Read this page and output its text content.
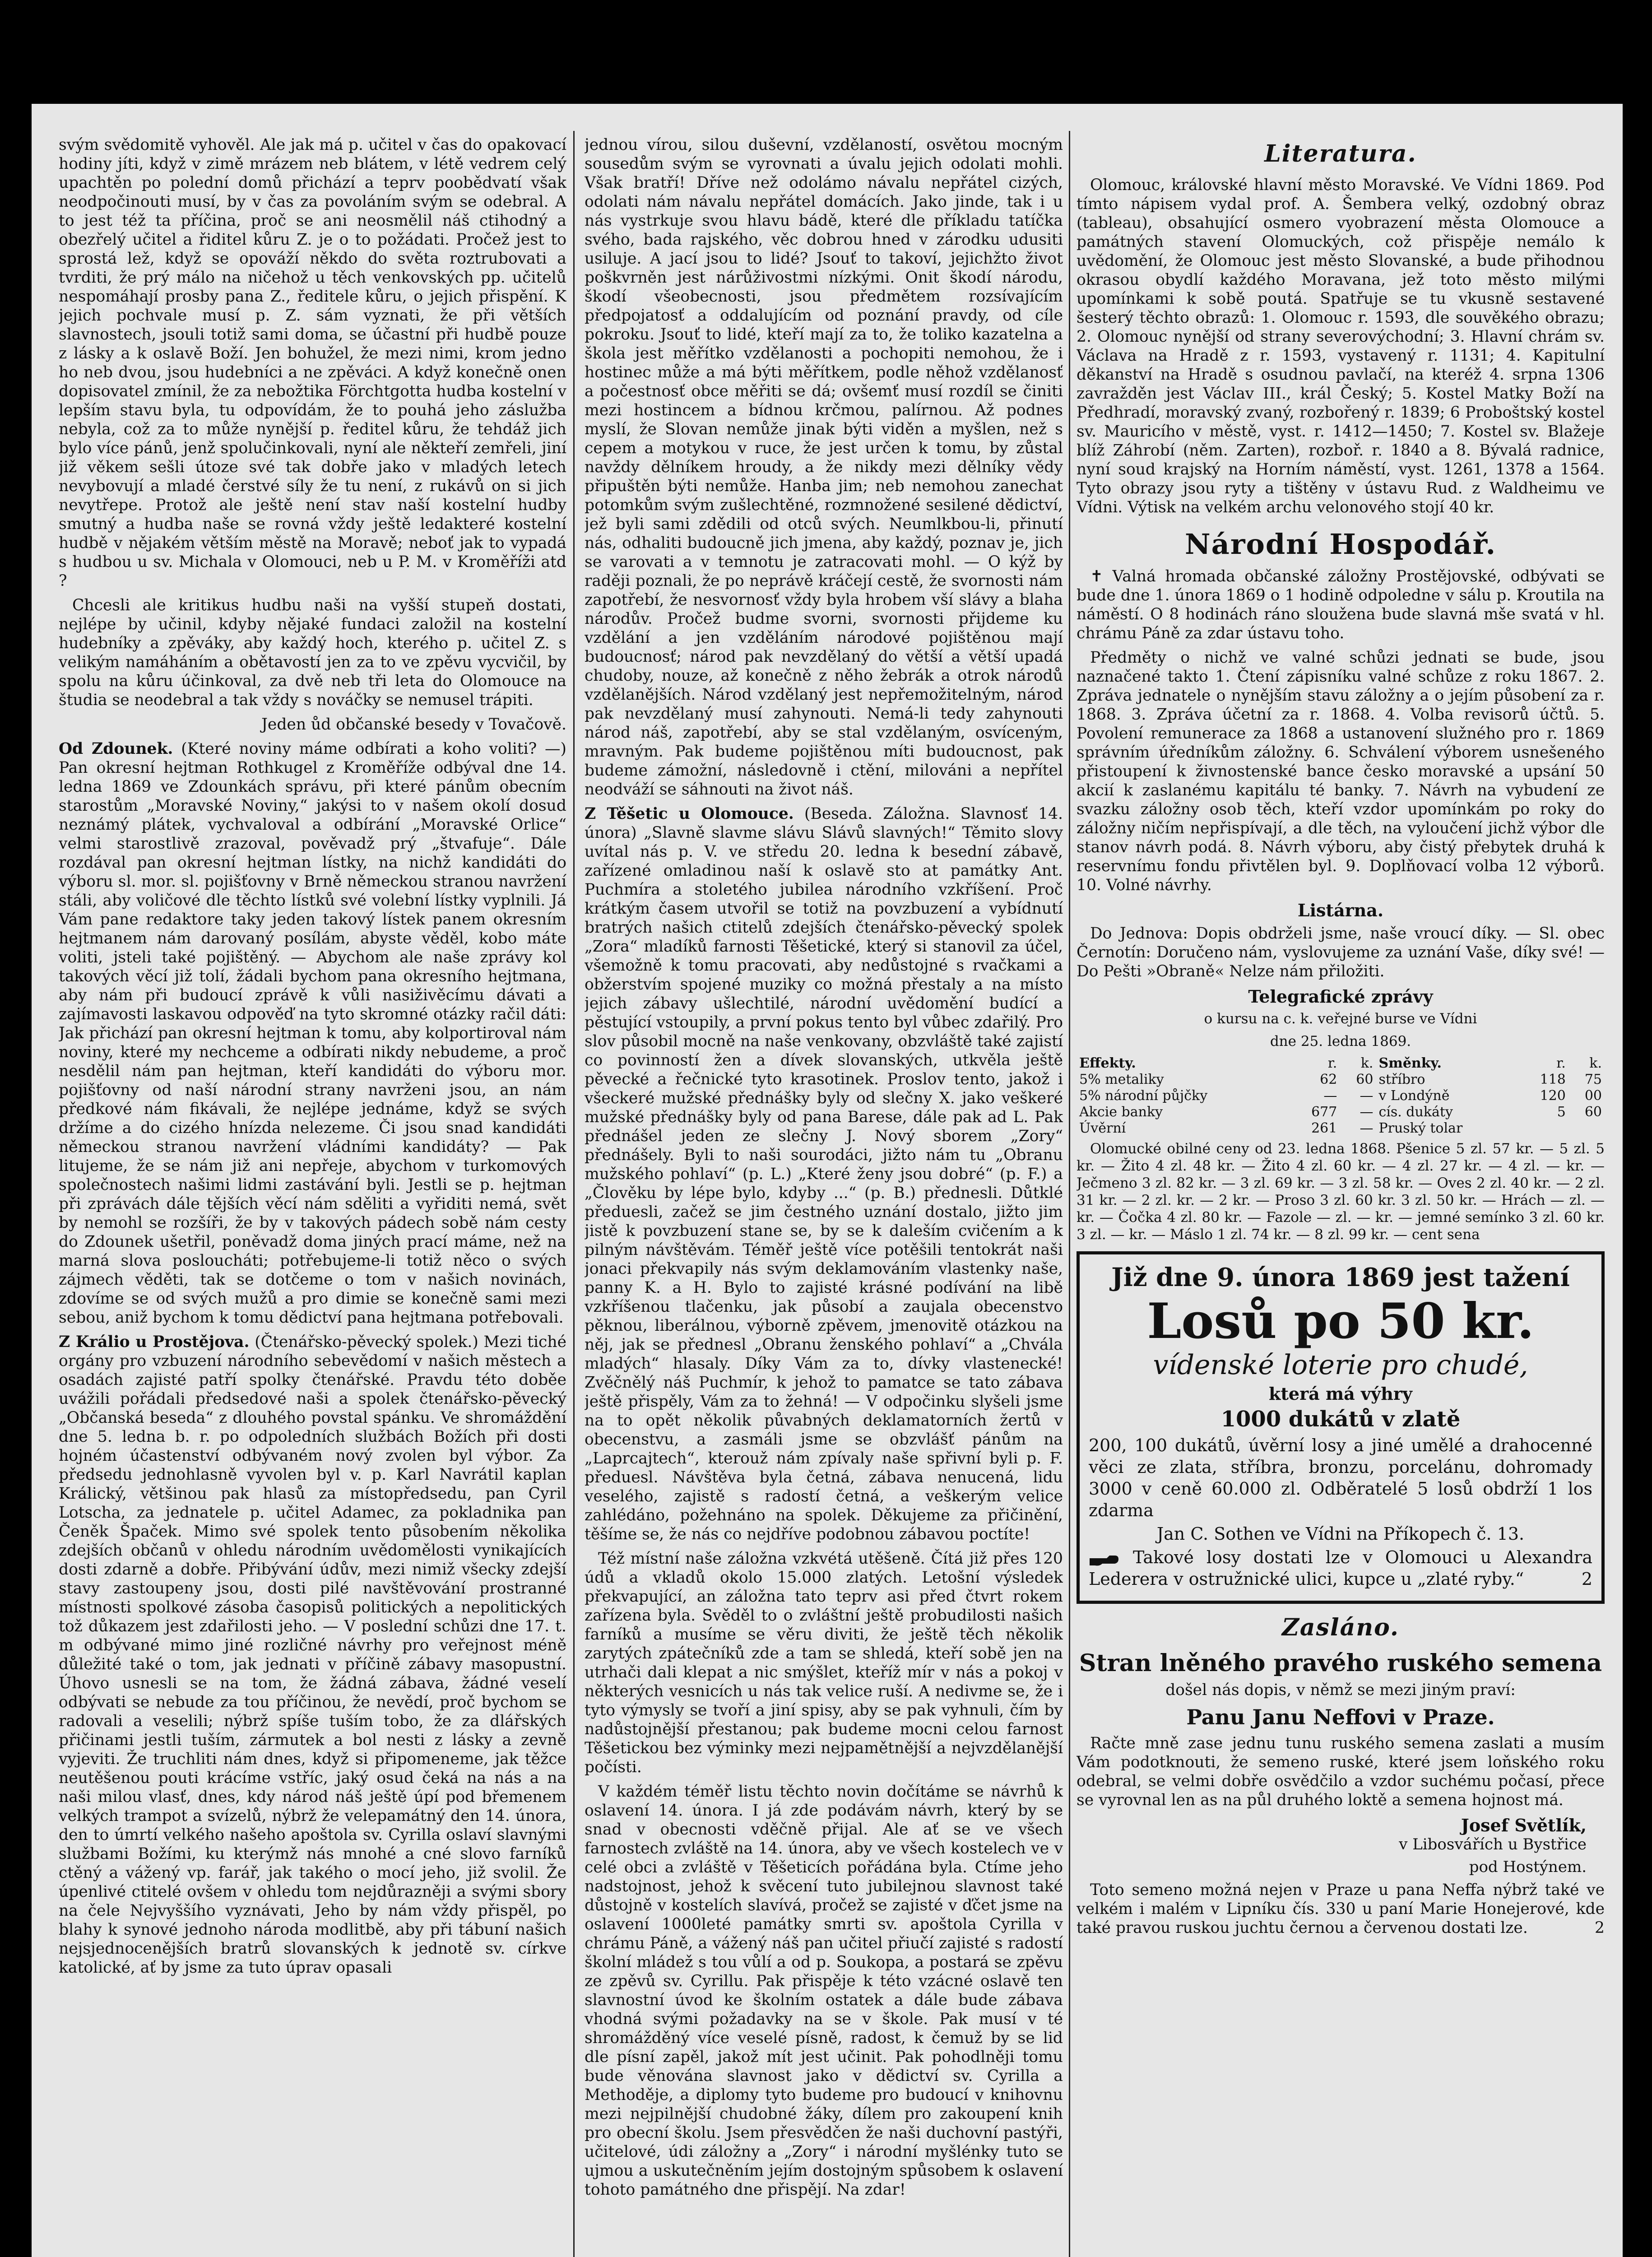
svým svědomitě vyhověl. Ale jak má p. učitel v čas do opakovací hodiny jíti, když v zimě mrázem neb blátem, v létě vedrem celý upachtěn po polední domů přichází a teprv poobědvatí však neodpočinouti musí, by v čas za povoláním svým se odebral. A to jest též ta příčina, proč se ani neosmělil náš ctihodný a obezřelý učitel a řiditel kůru Z. je o to požádati. Pročež jest to sprostá lež, když se opováží někdo do světa roztrubovati a tvrditi, že prý málo na ničehož u těch venkovských pp. učitelů nespomáhají prosby pana Z., ředitele kůru, o jejich přispění. K jejich pochvale musí p. Z. sám vyznati, že při větších slavnostech, jsouli totiž sami doma, se účastní při hudbě pouze z lásky a k oslavě Boží. Jen bohužel, že mezi nimi, krom jedno ho neb dvou, jsou hudebníci a ne zpěváci. A když konečně onen dopisovatel zmínil, že za nebožtika Förchtgotta hudba kostelní v lepším stavu byla, tu odpovídám, že to pouhá jeho záslužba nebyla, což za to může nynější p. ředitel kůru, že tehdáž jich bylo více pánů, jenž spolučinkovali, nyní ale někteří zemřeli, jiní již věkem sešli útoze své tak dobře jako v mladých letech nevybovují a mladé čerstvé síly že tu není, z rukávů on si jich nevytřepe. Protož ale ještě není stav naší kostelní hudby smutný a hudba naše se rovná vždy ještě ledakteré kostelní hudbě v nějakém větším městě na Moravě; neboť jak to vypadá s hudbou u sv. Michala v Olomouci, neb u P. M. v Kroměříži atd ?

Chcesli ale kritikus hudbu naši na vyšší stupeň dostati, nejlépe by učinil, kdyby nějaké fundaci založil na kostelní hudebníky a zpěváky, aby každý hoch, kterého p. učitel Z. s velikým namáháním a obětavostí jen za to ve zpěvu vycvičil, by spolu na kůru účinkoval, za dvě neb tři leta do Olomouce na študia se neodebral a tak vždy s nováčky se nemusel trápiti.

Jeden ůd občanské besedy v Tovačově.

Od Zdounek. (Které noviny máme odbírati a koho voliti? —) Pan okresní hejtman Rothkugel z Kroměříže odbýval dne 14. ledna 1869 ve Zdounkách správu, při které pánům obecním starostům „Moravské Noviny,“ jakýsi to v našem okolí dosud neznámý plátek, vychvaloval a odbírání „Moravské Orlice“ velmi starostlivě zrazoval, pověvadž prý „štvafuje“. Dále rozdával pan okresní hejtman lístky, na nichž kandidáti do výboru sl. mor. sl. pojišťovny v Brně německou stranou navržení stáli, aby voličové dle těchto lístků své volební lístky vyplnili. Já Vám pane redaktore taky jeden takový lístek panem okresním hejtmanem nám darovaný posílám, abyste věděl, kobo máte voliti, jsteli také pojištěný. — Abychom ale naše zprávy kol takových věcí již tolí, žádali bychom pana okresního hejtmana, aby nám při budoucí zprávě k vůli nasiživěcímu dávati a zajímavosti laskavou odpověď na tyto skromné otázky račil dáti: Jak přichází pan okresní hejtman k tomu, aby kolportiroval nám noviny, které my nechceme a odbírati nikdy nebudeme, a proč nesdělil nám pan hejtman, kteří kandidáti do výboru mor. pojišťovny od naší národní strany navrženi jsou, an nám předkové nám fikávali, že nejlépe jednáme, když se svých držíme a do cizého hnízda nelezeme. Či jsou snad kandidáti německou stranou navržení vládními kandidáty? — Pak litujeme, že se nám již ani nepřeje, abychom v turkomových společnostech našimi lidmi zastávání byli. Jestli se p. hejtman při zprávách dále tějších věcí nám sděliti a vyřiditi nemá, svět by nemohl se rozšíři, že by v takových pádech sobě nám cesty do Zdounek ušetřil, poněvadž doma jiných prací máme, než na marná slova posloucháti; potřebujeme-li totiž něco o svých zájmech věděti, tak se dotčeme o tom v našich novinách, zdovíme se od svých mužů a pro dimie se konečně sami mezi sebou, aniž bychom k tomu dědictví pana hejtmana potřebovali.

Z Králio u Prostějova. (Čtenářsko-pěvecký spolek.) Mezi tiché orgány pro vzbuzení národního sebevědomí v našich městech a osadách zajisté patří spolky čtenářské. Pravdu této doběe uvážili pořádali předsedové naši a spolek čtenářsko-pěvecký „Občanská beseda“ z dlouhého povstal spánku. Ve shromáždění dne 5. ledna b. r. po odpoledních službách Božích při dosti hojném účastenství odbývaném nový zvolen byl výbor. Za předsedu jednohlasně vyvolen byl v. p. Karl Navrátil kaplan Králický, většinou pak hlasů za místopředsedu, pan Cyril Lotscha, za jednatele p. učitel Adamec, za pokladnika pan Čeněk Špaček. Mimo své spolek tento působením několika zdejších občanů v ohledu národním uvědomělosti vynikajících dosti zdarně a dobře. Přibývání údův, mezi nimiž všecky zdejší stavy zastoupeny jsou, dosti pilé navštěvování prostranné místnosti spolkové zásoba časopisů politických a nepolitických tož důkazem jest zdařilosti jeho. — V poslední schůzi dne 17. t. m odbývané mimo jiné rozličné návrhy pro veřejnost méně důležité také o tom, jak jednati v příčině zábavy masopustní. Úhovo usnesli se na tom, že žádná zábava, žádné veselí odbývati se nebude za tou příčinou, že nevědí, proč bychom se radovali a veselili; nýbrž spíše tuším tobo, že za dlářských přičinami jestli tuším, zármutek a bol nesti z lásky a zevně vyjeviti. Že truchliti nám dnes, když si připomeneme, jak těžce neutěšenou pouti krácíme vstříc, jaký osud čeká na nás a na naši milou vlasť, dnes, kdy národ náš ještě úpí pod břemenem velkých trampot a svízelů, nýbrž že velepamátný den 14. února, den to úmrtí velkého našeho apoštola sv. Cyrilla oslaví slavnými službami Božími, ku kterýmž nás mnohé a cné slovo farníků ctěný a vážený vp. farář, jak takého o mocí jeho, již svolil. Že úpenlivé ctitelé ovšem v ohledu tom nejdůrazněji a svými sbory na čele Nejvyššího vyznávati, Jeho by nám vždy přispěl, po blahy k synové jednoho národa modlitbě, aby při tábuní našich nejsjednocenějších bratrů slovanských k jednotě sv. církve katolické, ať by jsme za tuto úprav opasali

jednou vírou, silou duševní, vzdělaností, osvětou mocným sousedům svým se vyrovnati a úvalu jejich odolati mohli. Však bratří! Dříve než odolámo návalu nepřátel cizých, odolati nám návalu nepřátel domácích. Jako jinde, tak i u nás vystrkuje svou hlavu bádě, které dle příkladu tatíčka svého, bada rajského, věc dobrou hned v zárodku udusiti usiluje. A jací jsou to lidé? Jsouť to takoví, jejichžto život poškvrněn jest nárůživostmi nízkými. Onit škodí národu, škodí všeobecnosti, jsou předmětem rozsívajícím předpojatosť a oddalujícím od poznání pravdy, od cíle pokroku. Jsouť to lidé, kteří mají za to, že toliko kazatelna a škola jest měřítko vzdělanosti a pochopiti nemohou, že i hostinec může a má býti měřítkem, podle něhož vzdělanosť a počestnosť obce měřiti se dá; ovšemť musí rozdíl se činiti mezi hostincem a bídnou krčmou, palírnou. Až podnes myslí, že Slovan nemůže jinak býti viděn a myšlen, než s cepem a motykou v ruce, že jest určen k tomu, by zůstal navždy dělníkem hroudy, a že nikdy mezi dělníky vědy připuštěn býti nemůže. Hanba jim; neb nemohou zanechat potomkům svým zušlechtěné, rozmnožené sesilené dědictví, jež byli sami zdědili od otců svých. Neumlkbou-li, přinutí nás, odhaliti budoucně jich jmena, aby každý, poznav je, jich se varovati a v temnotu je zatracovati mohl. — O kýž by raději poznali, že po neprávě kráčejí cestě, že svornosti nám zapotřebí, že nesvornosť vždy byla hrobem vší slávy a blaha národův. Pročež budme svorni, svornosti přijdeme ku vzdělání a jen vzděláním národové pojištěnou mají budoucnosť; národ pak nevzdělaný do větší a větší upadá chudoby, nouze, až konečně z něho žebrák a otrok národů vzdělanějších. Národ vzdělaný jest nepřemožitelným, národ pak nevzdělaný musí zahynouti. Nemá-li tedy zahynouti národ náš, zapotřebí, aby se stal vzdělaným, osvíceným, mravným. Pak budeme pojištěnou míti budoucnost, pak budeme zámožní, následovně i ctění, milováni a nepřítel neodváží se sáhnouti na život náš.

Z Těšetic u Olomouce. (Beseda. Záložna. Slavnosť 14. února) „Slavně slavme slávu Slávů slavných!“ Těmito slovy uvítal nás p. V. ve středu 20. ledna k besední zábavě, zařízené omladinou naší k oslavě sto at památky Ant. Puchmíra a stoletého jubilea národního vzkříšení. Proč krátkým časem utvořil se totiž na povzbuzení a vybídnutí bratrých našich ctitelů zdejších čtenářsko-pěvecký spolek „Zora“ mladíků farnosti Těšetické, který si stanovil za účel, všemožně k tomu pracovati, aby nedůstojné s rvačkami a obžerstvím spojené muziky co možná přestaly a na místo jejich zábavy ušlechtilé, národní uvědomění budící a pěstující vstoupily, a první pokus tento byl vůbec zdařilý. Pro slov působil mocně na naše venkovany, obzvláště také zajistí co povinností žen a dívek slovanských, utkvěla ještě pěvecké a řečnické tyto krasotinek. Proslov tento, jakož i všeckeré mužské přednášky byly od slečny X. jako veškeré mužské přednášky byly od pana Barese, dále pak ad L. Pak přednášel jeden ze slečny J. Nový sborem „Zory“ přednášely. Byli to naši sourodáci, jižto nám tu „Obranu mužského pohlaví“ (p. L.) „Které ženy jsou dobré“ (p. F.) a „Člověku by lépe bylo, kdyby ...“ (p. B.) přednesli. Důtklé předuesli, začež se jim čestného uznání dostalo, jižto jim jistě k povzbuzení stane se, by se k daleším cvičením a k pilným návštěvám. Téměř ještě více potěšili tentokrát naši jonaci překvapily nás svým deklamováním vlastenky naše, panny K. a H. Bylo to zajisté krásné podívání na libě vzkříšenou tlačenku, jak působí a zaujala obecenstvo pěknou, liberálnou, výborně zpěvem, jmenovitě otázkou na něj, jak se přednesl „Obranu ženského pohlaví“ a „Chvála mladých“ hlasaly. Díky Vám za to, dívky vlastenecké! Zvěčnělý náš Puchmír, k jehož to pamatce se tato zábava ještě přispěly, Vám za to žehná! — V odpočinku slyšeli jsme na to opět několik půvabných deklamatorních žertů v obecenstvu, a zasmáli jsme se obzvlášť pánům na „Laprcajtech“, kterouž nám zpívaly naše spřivní byli p. F. předuesl. Návštěva byla četná, zábava nenucená, lidu veselého, zajistě s radostí četná, a veškerým velice zahlédáno, požehnáno na spolek. Děkujeme za přičinění, těšíme se, že nás co nejdříve podobnou zábavou poctíte!

Též místní naše záložna vzkvétá utěšeně. Čítá již přes 120 údů a vkladů okolo 15.000 zlatých. Letošní výsledek překvapující, an záložna tato teprv asi před čtvrt rokem zařízena byla. Svěděl to o zvláštní ještě probudilosti našich farníků a musíme se věru diviti, že ještě těch několik zarytých zpátečníků zde a tam se shledá, kteří sobě jen na utrhači dali klepat a nic smýšlet, kteříž mír v nás a pokoj v některých vesnicích u nás tak velice ruší. A nedivme se, že i tyto výmysly se tvoří a jiní spisy, aby se pak vyhnuli, čím by nadůstojnější přestanou; pak budeme mocni celou farnost Těšetickou bez výminky mezi nejpamětnější a nejvzdělanější počísti.

V každém téměř listu těchto novin dočítáme se návrhů k oslavení 14. února. I já zde podávám návrh, který by se snad v obecnosti vděčně přijal. Ale ať se ve všech farnostech zvláště na 14. února, aby ve všech kostelech ve v celé obci a zvláště v Těšeticích pořádána byla. Ctíme jeho nadstojnost, jehož k svěcení tuto jubilejnou slavnost také důstojně v kostelích slavívá, pročež se zajisté v ďčet jsme na oslavení 1000leté památky smrti sv. apoštola Cyrilla v chrámu Páně, a vážený náš pan učitel přiučí zajisté s radostí školní mládež s tou vůlí a od p. Soukopa, a postará se zpěvu ze zpěvů sv. Cyrillu. Pak přispěje k této vzácné oslavě ten slavnostní úvod ke školním ostatek a dále bude zábava vhodná svými požadavky na se v škole. Pak musí v té shromážděný více veselé písně, radost, k čemuž by se lid dle písní zapěl, jakož mít jest učinit. Pak pohodlněji tomu bude věnována slavnost jako v dědictví sv. Cyrilla a Methoděje, a diplomy tyto budeme pro budoucí v knihovnu mezi nejpilnější chudobné žáky, dílem pro zakoupení knih pro obecní školu. Jsem přesvědčen že naši duchovní pastýři, učitelové, údi záložny a „Zory“ i národní myšlénky tuto se ujmou a uskutečněním jejím dostojným spůsobem k oslavení tohoto památného dne přispějí. Na zdar!

Literatura.

Olomouc, královské hlavní město Moravské. Ve Vídni 1869. Pod tímto nápisem vydal prof. A. Šembera velký, ozdobný obraz (tableau), obsahující osmero vyobrazení města Olomouce a památných stavení Olomuckých, což přispěje nemálo k uvědomění, že Olomouc jest město Slovanské, a bude přihodnou okrasou obydlí každého Moravana, jež toto město milými upomínkami k sobě poutá. Spatřuje se tu vkusně sestavené šesterý těchto obrazů: 1. Olomouc r. 1593, dle souvěkého obrazu; 2. Olomouc nynější od strany severovýchodní; 3. Hlavní chrám sv. Václava na Hradě z r. 1593, vystavený r. 1131; 4. Kapitulní děkanství na Hradě s osudnou pavlačí, na kteréž 4. srpna 1306 zavražděn jest Václav III., král Český; 5. Kostel Matky Boží na Předhradí, moravský zvaný, rozbořený r. 1839; 6 Proboštský kostel sv. Mauricího v městě, vyst. r. 1412—1450; 7. Kostel sv. Blažeje blíž Záhrobí (něm. Zarten), rozboř. r. 1840 a 8. Bývalá radnice, nyní soud krajský na Horním náměstí, vyst. 1261, 1378 a 1564. Tyto obrazy jsou ryty a tištěny v ústavu Rud. z Waldheimu ve Vídni. Výtisk na velkém archu velonového stojí 40 kr.

Národní Hospodář.

✝ Valná hromada občanské záložny Prostějovské, odbývati se bude dne 1. února 1869 o 1 hodině odpoledne v sálu p. Kroutila na náměstí. O 8 hodinách ráno sloužena bude slavná mše svatá v hl. chrámu Páně za zdar ústavu toho.

Předměty o nichž ve valné schůzi jednati se bude, jsou naznačené takto 1. Čtení zápisníku valné schůze z roku 1867. 2. Zpráva jednatele o nynějším stavu záložny a o jejím působení za r. 1868. 3. Zpráva účetní za r. 1868. 4. Volba revisorů účtů. 5. Povolení remunerace za 1868 a ustanovení služného pro r. 1869 správním úředníkům záložny. 6. Schválení výborem usnešeného přistoupení k živnostenské bance česko moravské a upsání 50 akcií k zaslanému kapitálu té banky. 7. Návrh na vybudení ze svazku záložny osob těch, kteří vzdor upomínkám po roky do záložny ničím nepřispívají, a dle těch, na vyloučení jichž výbor dle stanov návrh podá. 8. Návrh výboru, aby čistý přebytek druhá k reservnímu fondu přivtělen byl. 9. Doplňovací volba 12 výborů. 10. Volné návrhy.

Listárna.

Do Jednova: Dopis obdrželi jsme, naše vroucí díky. — Sl. obec Černotín: Doručeno nám, vyslovujeme za uznání Vaše, díky své! — Do Pešti »Obraně« Nelze nám přiložiti.

Telegrafické zprávy

o kursu na c. k. veřejné burse ve Vídni

dne 25. ledna 1869.

Effekty.	r.	k.	Směnky.	r.	k.
5% metaliky	62	60	stříbro	118	75
5% národní půjčky	—	—	v Londýně	120	00
Akcie banky	677	—	cís. dukáty	5	60
Úvěrní	261	—	Pruský tolar		

Olomucké obilné ceny od 23. ledna 1868. Pšenice 5 zl. 57 kr. — 5 zl. 5 kr. — Žito 4 zl. 48 kr. — Žito 4 zl. 60 kr. — 4 zl. 27 kr. — 4 zl. — kr. — Ječmeno 3 zl. 82 kr. — 3 zl. 69 kr. — 3 zl. 58 kr. — Oves 2 zl. 40 kr. — 2 zl. 31 kr. — 2 zl. kr. — 2 kr. — Proso 3 zl. 60 kr. 3 zl. 50 kr. — Hrách — zl. — kr. — Čočka 4 zl. 80 kr. — Fazole — zl. — kr. — jemné semínko 3 zl. 60 kr. 3 zl. — kr. — Máslo 1 zl. 74 kr. — 8 zl. 99 kr. — cent sena

Již dne 9. února 1869 jest tažení
Losů po 50 kr.
vídenské loterie pro chudé,
která má výhry
1000 dukátů v zlatě
200, 100 dukátů, úvěrní losy a jiné umělé a drahocenné věci ze zlata, stříbra, bronzu, porcelánu, dohromady 3000 v ceně 60.000 zl. Odběratelé 5 losů obdrží 1 los zdarma
Jan C. Sothen ve Vídni na Příkopech č. 13.
Takové losy dostati lze v Olomouci u Alexandra Lederera v ostružnické ulici, kupce u „zlaté ryby.“	2
Zasláno.
Stran lněného pravého ruského semena

došel nás dopis, v němž se mezi jiným praví:

Panu Janu Neffovi v Praze.

Račte mně zase jednu tunu ruského semena zaslati a musím Vám podotknouti, že semeno ruské, které jsem loňského roku odebral, se velmi dobře osvědčilo a vzdor suchému počasí, přece se vyrovnal len as na půl druhého loktě a semena hojnost má.

Josef Světlík,
v Libosvářích u Bystřice
pod Hostýnem.

Toto semeno možná nejen v Praze u pana Neffa nýbrž také ve velkém i malém v Lipníku čís. 330 u paní Marie Honejerové, kde také pravou ruskou juchtu černou a červenou dostati lze.	2
